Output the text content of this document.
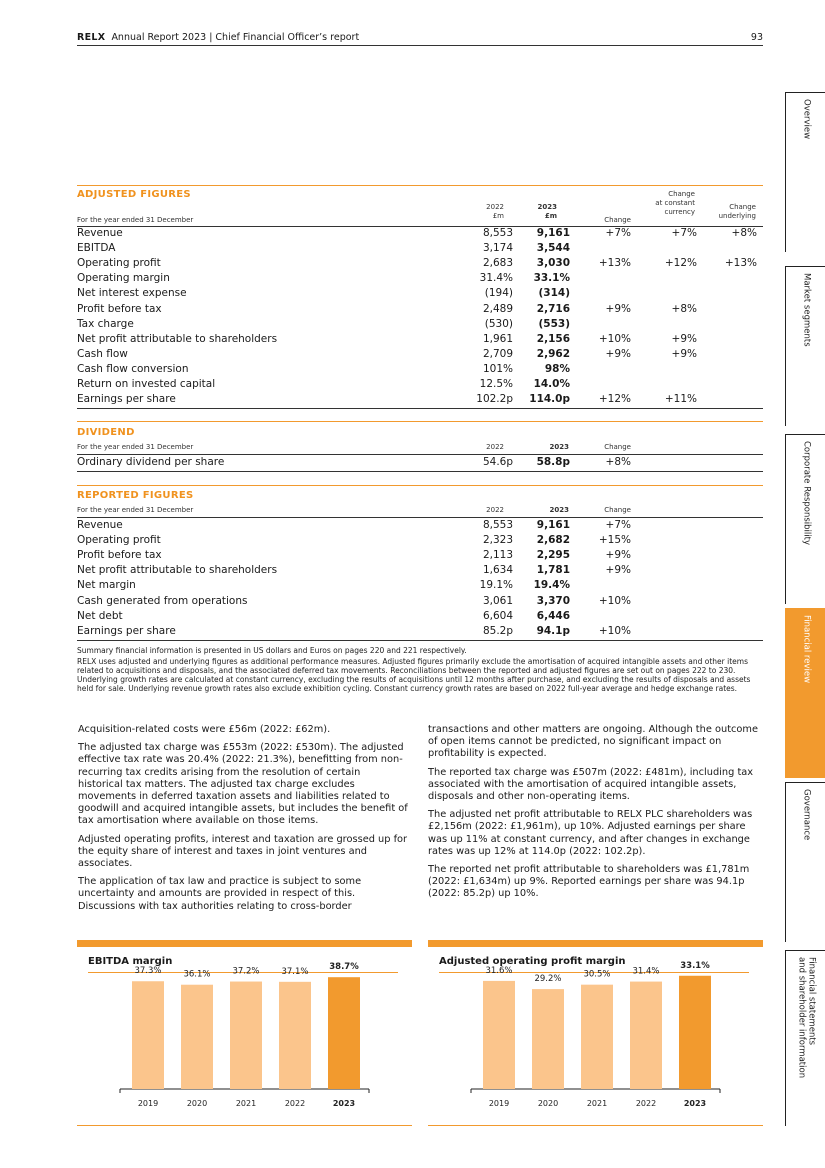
RELX Annual Report 2023 | Chief Financial Officer’s report	93
Overview
Market segments
Corporate Responsibility
Financial review
Governance
Financial statements
and shareholder information
ADJUSTED FIGURES
2022
£m
2023
£m	Change
Change
at constant
currency
Change
underlying
For the year ended 31 December
Revenue	8,553 9,161	+7%	+7%	+8%
EBITDA	3,174 3,544
Operating profit	2,683 3,030	+13%	+12%	+13%
Operating margin	31.4% 33.1%
Net interest expense	(194) (314)
Profit before tax	2,489 2,716	+9%	+8%
Tax charge	(530) (553)
Net profit attributable to shareholders	1,961 2,156	+10%	+9%
Cash flow	2,709 2,962	+9%	+9%
Cash flow conversion	101%	98%
Return on invested capital	12.5% 14.0%
Earnings per share	102.2p 114.0p	+12%	+11%
DIVIDEND
For the year ended 31 December	2022	2023	Change
Ordinary dividend per share	54.6p 58.8p	+8%
REPORTED FIGURES
For the year ended 31 December	2022	2023	Change
Revenue	8,553 9,161	+7%
Operating profit	2,323 2,682	+15%
Profit before tax	2,113 2,295	+9%
Net profit attributable to shareholders	1,634 1,781	+9%
Net margin	19.1% 19.4%
Cash generated from operations	3,061 3,370	+10%
Net debt	6,604 6,446
Earnings per share	85.2p 94.1p	+10%

Summary financial information is presented in US dollars and Euros on pages 220 and 221 respectively.

RELX uses adjusted and underlying figures as additional performance measures. Adjusted figures primarily exclude the amortisation of acquired intangible assets and other items related to acquisitions and disposals, and the associated deferred tax movements. Reconciliations between the reported and adjusted figures are set out on pages 222 to 230. Underlying growth rates are calculated at constant currency, excluding the results of acquisitions until 12 months after purchase, and excluding the results of disposals and assets held for sale. Underlying revenue growth rates also exclude exhibition cycling. Constant currency growth rates are based on 2022 full-year average and hedge exchange rates.

Acquisition-related costs were £56m (2022: £62m).

The adjusted tax charge was £553m (2022: £530m). The adjusted effective tax rate was 20.4% (2022: 21.3%), benefitting from non-recurring tax credits arising from the resolution of certain historical tax matters. The adjusted tax charge excludes movements in deferred taxation assets and liabilities related to goodwill and acquired intangible assets, but includes the benefit of tax amortisation where available on those items.

Adjusted operating profits, interest and taxation are grossed up for the equity share of interest and taxes in joint ventures and associates.

The application of tax law and practice is subject to some uncertainty and amounts are provided in respect of this. Discussions with tax authorities relating to cross-border

transactions and other matters are ongoing. Although the outcome of open items cannot be predicted, no significant impact on profitability is expected.

The reported tax charge was £507m (2022: £481m), including tax associated with the amortisation of acquired intangible assets, disposals and other non-operating items.

The adjusted net profit attributable to RELX PLC shareholders was £2,156m (2022: £1,961m), up 10%. Adjusted earnings per share was up 11% at constant currency, and after changes in exchange rates was up 12% at 114.0p (2022: 102.2p).

The reported net profit attributable to shareholders was £1,781m (2022: £1,634m) up 9%. Reported earnings per share was 94.1p (2022: 85.2p) up 10%.

EBITDA margin
37.3%
2019
36.1%
2020
37.2%
2021
37.1%
2022
38.7%
2023
Adjusted operating profit margin
31.6%
2019
29.2%
2020
30.5%
2021
31.4%
2022
33.1%
2023
